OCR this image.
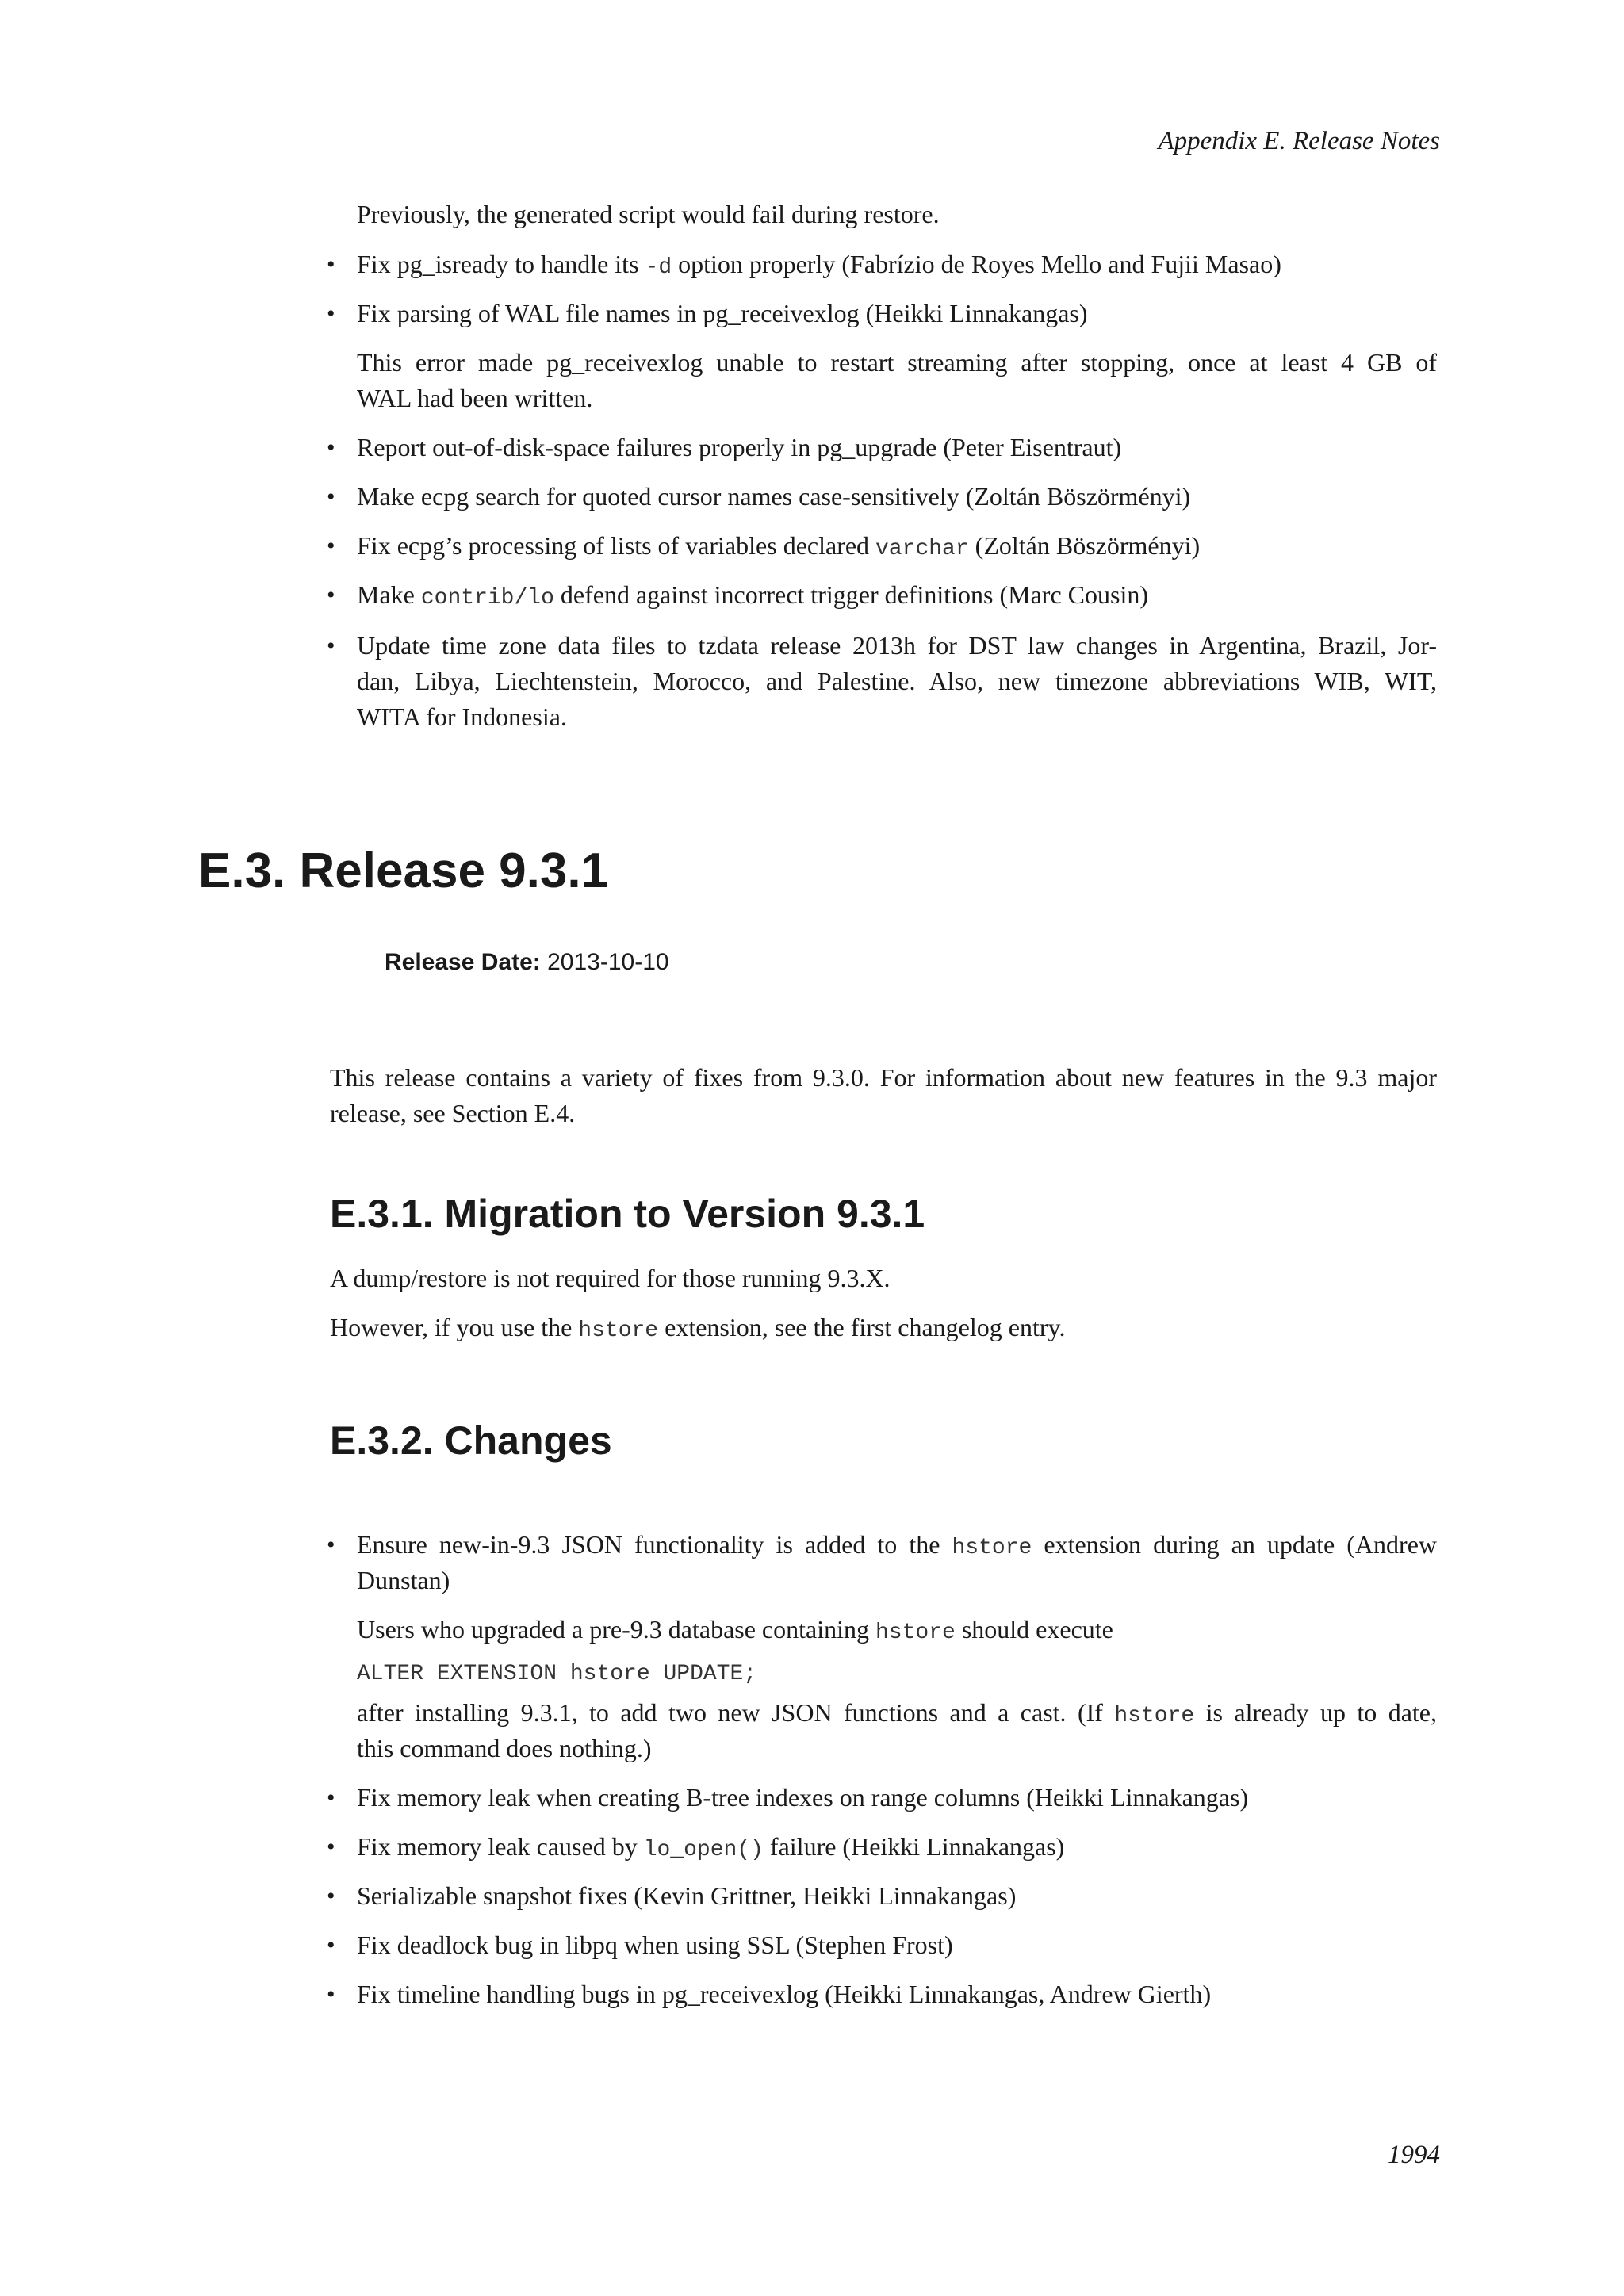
Appendix E. Release Notes

Previously, the generated script would fail during restore.

• Fix pg_isready to handle its -d option properly (Fabrízio de Royes Mello and Fujii Masao)

• Fix parsing of WAL file names in pg_receivexlog (Heikki Linnakangas)

This error made pg_receivexlog unable to restart streaming after stopping, once at least 4 GB of

WAL had been written.

• Report out-of-disk-space failures properly in pg_upgrade (Peter Eisentraut)

• Make ecpg search for quoted cursor names case-sensitively (Zoltán Böszörményi)

• Fix ecpg’s processing of lists of variables declared varchar (Zoltán Böszörményi)

• Make contrib/lo defend against incorrect trigger definitions (Marc Cousin)

• Update time zone data files to tzdata release 2013h for DST law changes in Argentina, Brazil, Jor-

dan, Libya, Liechtenstein, Morocco, and Palestine. Also, new timezone abbreviations WIB, WIT,

WITA for Indonesia.

E.3. Release 9.3.1
Release Date: 2013-10-10

This release contains a variety of fixes from 9.3.0. For information about new features in the 9.3 major

release, see Section E.4.

E.3.1. Migration to Version 9.3.1

A dump/restore is not required for those running 9.3.X.

However, if you use the hstore extension, see the first changelog entry.

E.3.2. Changes
• Ensure new-in-9.3 JSON functionality is added to the hstore extension during an update (Andrew

Dunstan)

Users who upgraded a pre-9.3 database containing hstore should execute

ALTER EXTENSION hstore UPDATE;

after installing 9.3.1, to add two new JSON functions and a cast. (If hstore is already up to date,

this command does nothing.)

• Fix memory leak when creating B-tree indexes on range columns (Heikki Linnakangas)

• Fix memory leak caused by lo_open() failure (Heikki Linnakangas)

• Serializable snapshot fixes (Kevin Grittner, Heikki Linnakangas)

• Fix deadlock bug in libpq when using SSL (Stephen Frost)

• Fix timeline handling bugs in pg_receivexlog (Heikki Linnakangas, Andrew Gierth)

1994
